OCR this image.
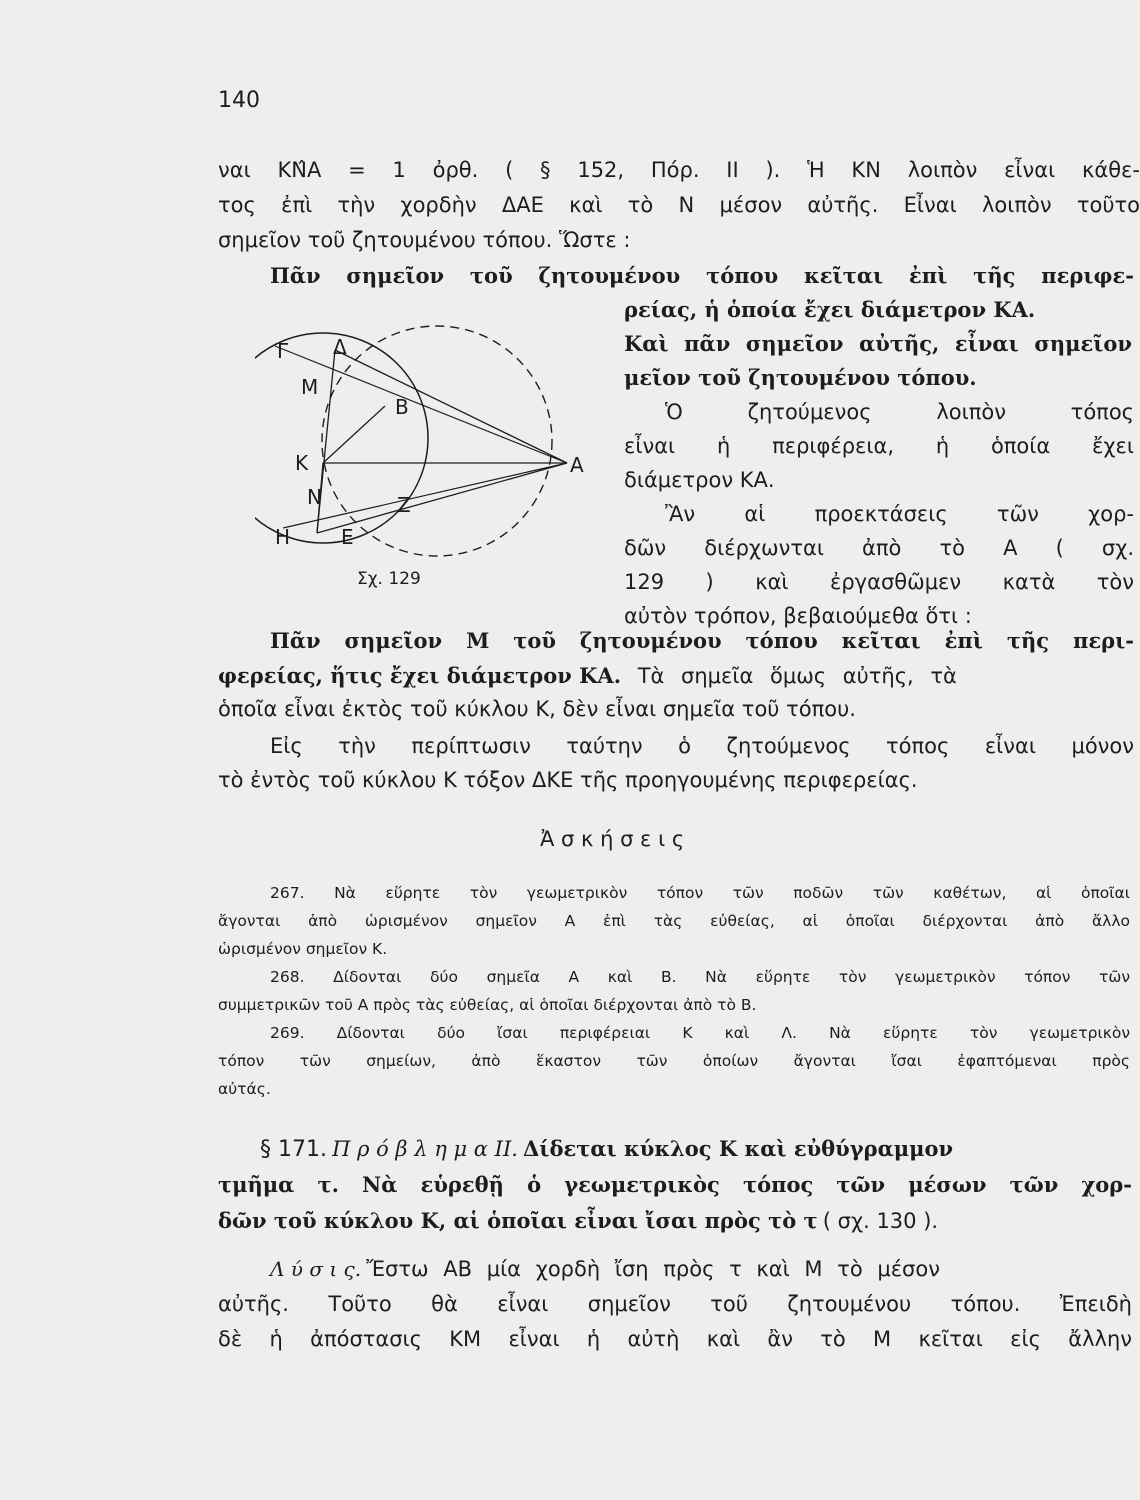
140
ναι ΚΝ̂Α = 1 ὀρθ. ( § 152, Πόρ. ΙΙ ). Ἡ ΚΝ λοιπὸν εἶναι κάθε-
τος ἐπὶ τὴν χορδὴν ΔΑΕ καὶ τὸ Ν μέσον αὐτῆς. Εἶναι λοιπὸν τοῦτο
σημεῖον τοῦ ζητουμένου τόπου. Ὥστε :
Πᾶν σημεῖον τοῦ ζητουμένου τόπου κεῖται ἐπὶ τῆς περιφε-
ρείας, ἡ ὁποία ἔχει διάμετρον ΚΑ.
Καὶ πᾶν σημεῖον αὐτῆς, εἶναι σημεῖον
μεῖον τοῦ ζητουμένου τόπου.
Ὁ ζητούμενος λοιπὸν τόπος
εἶναι ἡ περιφέρεια, ἡ ὁποία ἔχει
διάμετρον ΚΑ.
Ἂν αἱ προεκτάσεις τῶν χορ-
δῶν διέρχωνται ἀπὸ τὸ Α ( σχ.
129 ) καὶ ἐργασθῶμεν κατὰ τὸν
αὐτὸν τρόπον, βεβαιούμεθα ὅτι :
Γ Δ
Μ
Β
Κ	Α
Ν	Ζ
Η	Ε
Σχ. 129
Πᾶν σημεῖον Μ τοῦ ζητουμένου τόπου κεῖται ἐπὶ τῆς περι-
φερείας, ἥτις ἔχει διάμετρον ΚΑ. Τὰ σημεῖα ὅμως αὐτῆς, τὰ
ὁποῖα εἶναι ἐκτὸς τοῦ κύκλου Κ, δὲν εἶναι σημεῖα τοῦ τόπου.
Εἰς τὴν περίπτωσιν ταύτην ὁ ζητούμενος τόπος εἶναι μόνον
τὸ ἐντὸς τοῦ κύκλου Κ τόξον ΔΚΕ τῆς προηγουμένης περιφερείας.
Ἀ σ κ ή σ ε ι ς
267. Νὰ εὕρητε τὸν γεωμετρικὸν τόπον τῶν ποδῶν τῶν καθέτων, αἱ ὁποῖαι
ἄγονται ἀπὸ ὡρισμένον σημεῖον Α ἐπὶ τὰς εὐθείας, αἱ ὁποῖαι διέρχονται ἀπὸ ἄλλο
ὡρισμένον σημεῖον Κ.
268. Δίδονται δύο σημεῖα Α καὶ Β. Νὰ εὕρητε τὸν γεωμετρικὸν τόπον τῶν
συμμετρικῶν τοῦ Α πρὸς τὰς εὐθείας, αἱ ὁποῖαι διέρχονται ἀπὸ τὸ Β.
269. Δίδονται δύο ἴσαι περιφέρειαι Κ καὶ Λ. Νὰ εὕρητε τὸν γεωμετρικὸν
τόπον τῶν σημείων, ἀπὸ ἕκαστον τῶν ὁποίων ἄγονται ἴσαι ἐφαπτόμεναι πρὸς
αὐτάς.
§ 171. Π ρ ό β λ η μ α ΙΙ. Δίδεται κύκλος Κ καὶ εὐθύγραμμον
τμῆμα τ. Νὰ εὑρεθῇ ὁ γεωμετρικὸς τόπος τῶν μέσων τῶν χορ-
δῶν τοῦ κύκλου Κ, αἱ ὁποῖαι εἶναι ἴσαι πρὸς τὸ τ ( σχ. 130 ).
Λ ύ σ ι ς. Ἔστω ΑΒ μία χορδὴ ἴση πρὸς τ καὶ Μ τὸ μέσον
αὐτῆς. Τοῦτο θὰ εἶναι σημεῖον τοῦ ζητουμένου τόπου. Ἐπειδὴ
δὲ ἡ ἀπόστασις ΚΜ εἶναι ἡ αὐτὴ καὶ ἂν τὸ Μ κεῖται εἰς ἄλλην
